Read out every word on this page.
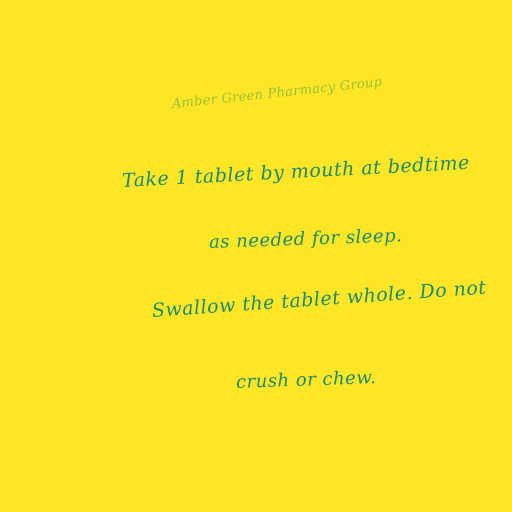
Amber Green Pharmacy Group
Take 1 tablet by mouth at bedtime
as needed for sleep.
Swallow the tablet whole. Do not
crush or chew.
